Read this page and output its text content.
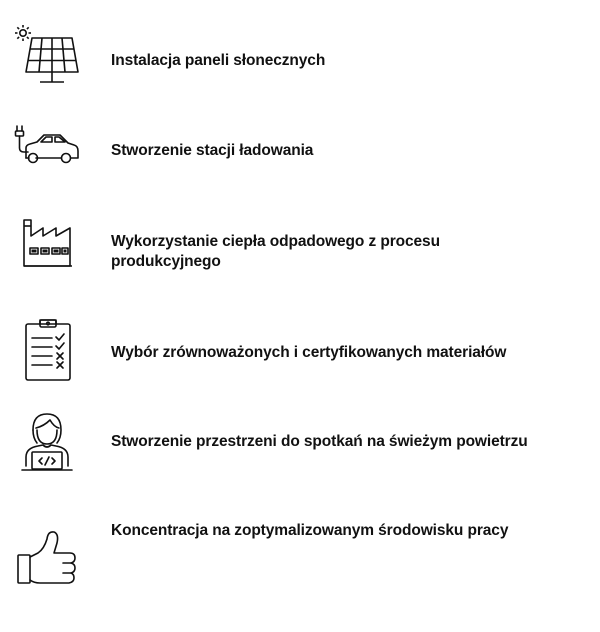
Instalacja paneli słonecznych
Stworzenie stacji ładowania
Wykorzystanie ciepła odpadowego z procesu produkcyjnego
Wybór zrównoważonych i certyfikowanych materiałów
Stworzenie przestrzeni do spotkań na świeżym powietrzu
Koncentracja na zoptymalizowanym środowisku pracy
